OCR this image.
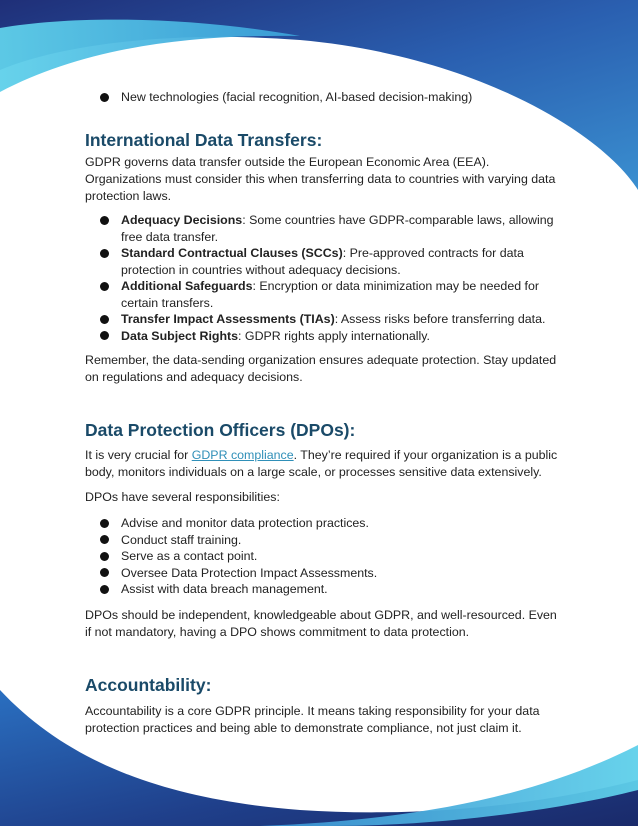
New technologies (facial recognition, AI-based decision-making)
International Data Transfers:

GDPR governs data transfer outside the European Economic Area (EEA). Organizations must consider this when transferring data to countries with varying data protection laws.

Adequacy Decisions: Some countries have GDPR-comparable laws, allowing free data transfer.
Standard Contractual Clauses (SCCs): Pre-approved contracts for data protection in countries without adequacy decisions.
Additional Safeguards: Encryption or data minimization may be needed for certain transfers.
Transfer Impact Assessments (TIAs): Assess risks before transferring data.
Data Subject Rights: GDPR rights apply internationally.

Remember, the data-sending organization ensures adequate protection. Stay updated on regulations and adequacy decisions.

Data Protection Officers (DPOs):

It is very crucial for GDPR compliance. They’re required if your organization is a public body, monitors individuals on a large scale, or processes sensitive data extensively.

DPOs have several responsibilities:

Advise and monitor data protection practices.
Conduct staff training.
Serve as a contact point.
Oversee Data Protection Impact Assessments.
Assist with data breach management.

DPOs should be independent, knowledgeable about GDPR, and well-resourced. Even if not mandatory, having a DPO shows commitment to data protection.

Accountability:

Accountability is a core GDPR principle. It means taking responsibility for your data protection practices and being able to demonstrate compliance, not just claim it.
